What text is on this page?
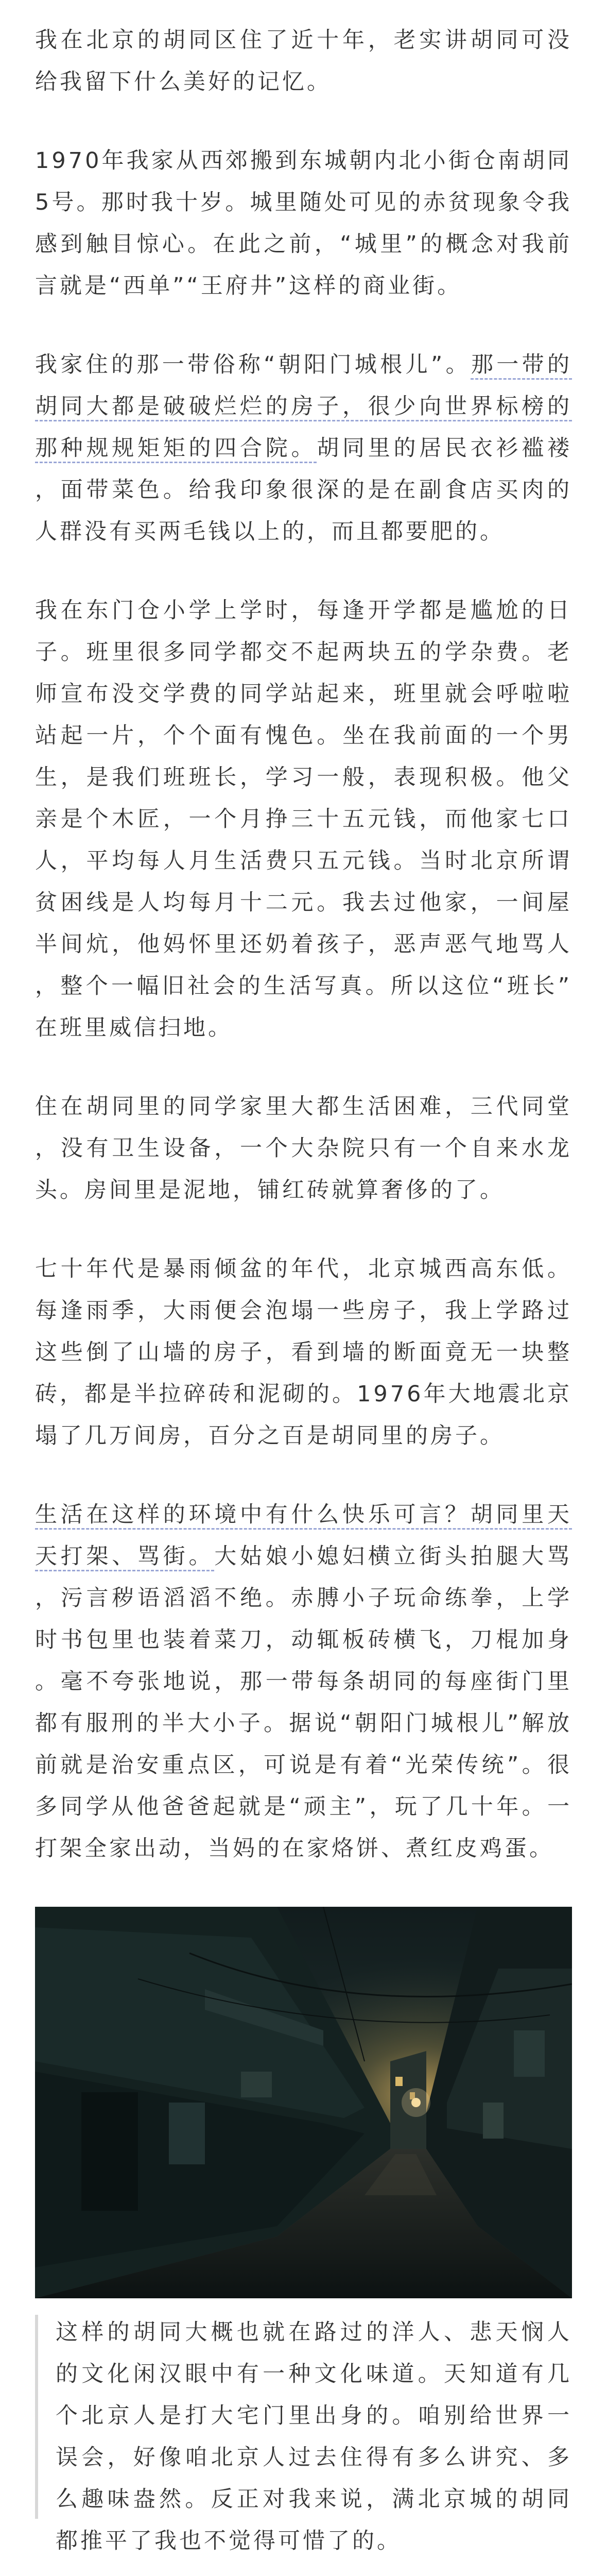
我在北京的胡同区住了近十年，老实讲胡同可没给我留下什么美好的记忆。

1970年我家从西郊搬到东城朝内北小街仓南胡同5号。那时我十岁。城里随处可见的赤贫现象令我感到触目惊心。在此之前，“城里”的概念对我前言就是“西单”“王府井”这样的商业街。

我家住的那一带俗称“朝阳门城根儿”。那一带的胡同大都是破破烂烂的房子，很少向世界标榜的那种规规矩矩的四合院。胡同里的居民衣衫褴褛，面带菜色。给我印象很深的是在副食店买肉的人群没有买两毛钱以上的，而且都要肥的。

我在东门仓小学上学时，每逢开学都是尴尬的日子。班里很多同学都交不起两块五的学杂费。老师宣布没交学费的同学站起来，班里就会呼啦啦站起一片，个个面有愧色。坐在我前面的一个男生，是我们班班长，学习一般，表现积极。他父亲是个木匠，一个月挣三十五元钱，而他家七口人，平均每人月生活费只五元钱。当时北京所谓贫困线是人均每月十二元。我去过他家，一间屋半间炕，他妈怀里还奶着孩子，恶声恶气地骂人，整个一幅旧社会的生活写真。所以这位“班长”在班里威信扫地。

住在胡同里的同学家里大都生活困难，三代同堂，没有卫生设备，一个大杂院只有一个自来水龙头。房间里是泥地，铺红砖就算奢侈的了。

七十年代是暴雨倾盆的年代，北京城西高东低。每逢雨季，大雨便会泡塌一些房子，我上学路过这些倒了山墙的房子，看到墙的断面竟无一块整砖，都是半拉碎砖和泥砌的。1976年大地震北京塌了几万间房，百分之百是胡同里的房子。

生活在这样的环境中有什么快乐可言？胡同里天天打架、骂街。大姑娘小媳妇横立街头拍腿大骂，污言秽语滔滔不绝。赤膊小子玩命练拳，上学时书包里也装着菜刀，动辄板砖横飞，刀棍加身。毫不夸张地说，那一带每条胡同的每座街门里都有服刑的半大小子。据说“朝阳门城根儿”解放前就是治安重点区，可说是有着“光荣传统”。很多同学从他爸爸起就是“顽主”，玩了几十年。一打架全家出动，当妈的在家烙饼、煮红皮鸡蛋。

这样的胡同大概也就在路过的洋人、悲天悯人的文化闲汉眼中有一种文化味道。天知道有几个北京人是打大宅门里出身的。咱别给世界一误会，好像咱北京人过去住得有多么讲究、多么趣味盎然。反正对我来说，满北京城的胡同都推平了我也不觉得可惜了的。
